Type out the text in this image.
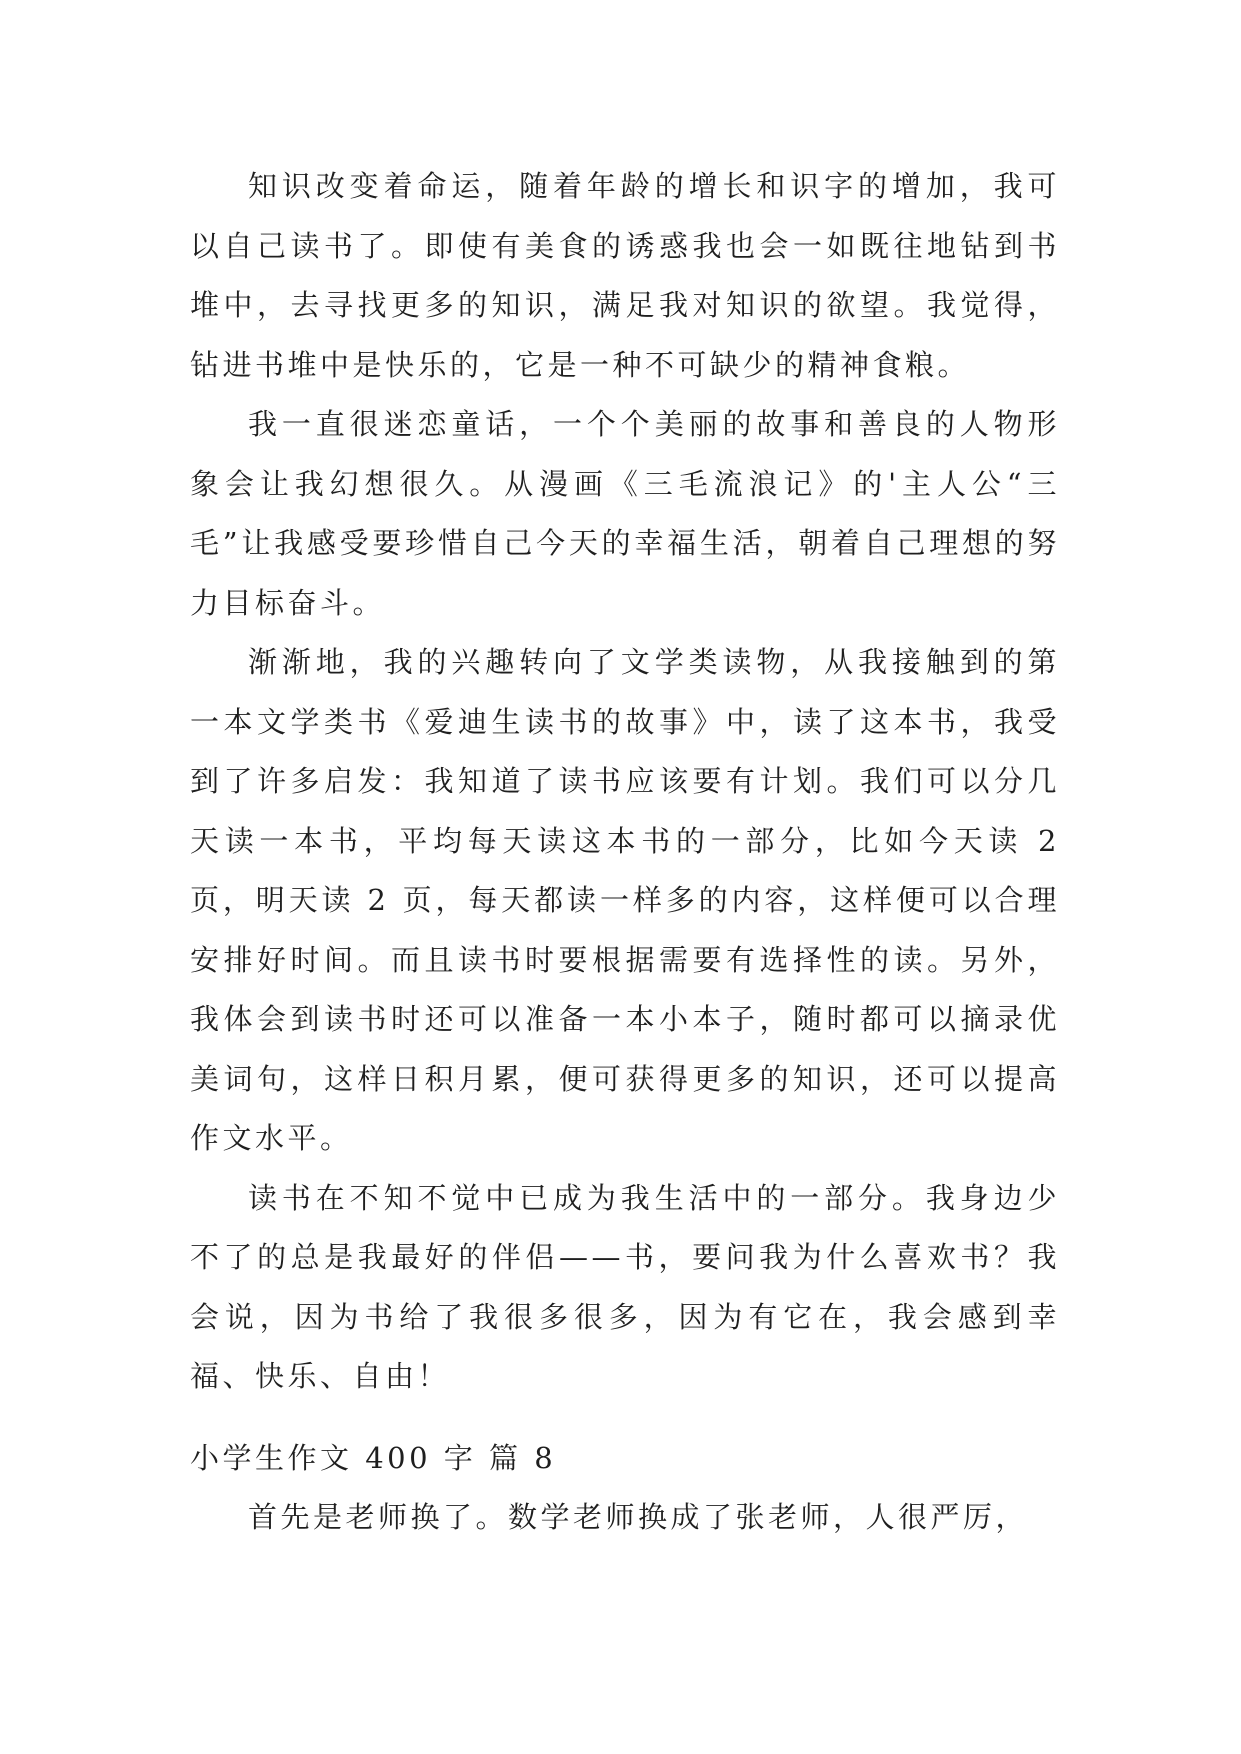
知识改变着命运，随着年龄的增长和识字的增加，我可以自己读书了。即使有美食的诱惑我也会一如既往地钻到书堆中，去寻找更多的知识，满足我对知识的欲望。我觉得，钻进书堆中是快乐的，它是一种不可缺少的精神食粮。

我一直很迷恋童话，一个个美丽的故事和善良的人物形象会让我幻想很久。从漫画《三毛流浪记》的'主人公“三毛”让我感受要珍惜自己今天的幸福生活，朝着自己理想的努力目标奋斗。

渐渐地，我的兴趣转向了文学类读物，从我接触到的第一本文学类书《爱迪生读书的故事》中，读了这本书，我受到了许多启发：我知道了读书应该要有计划。我们可以分几天读一本书，平均每天读这本书的一部分，比如今天读 2 页，明天读 2 页，每天都读一样多的内容，这样便可以合理安排好时间。而且读书时要根据需要有选择性的读。另外，我体会到读书时还可以准备一本小本子，随时都可以摘录优美词句，这样日积月累，便可获得更多的知识，还可以提高作文水平。

读书在不知不觉中已成为我生活中的一部分。我身边少不了的总是我最好的伴侣——书，要问我为什么喜欢书？我会说，因为书给了我很多很多，因为有它在，我会感到幸福、快乐、自由！

小学生作文 400 字 篇 8

首先是老师换了。数学老师换成了张老师，人很严厉，
